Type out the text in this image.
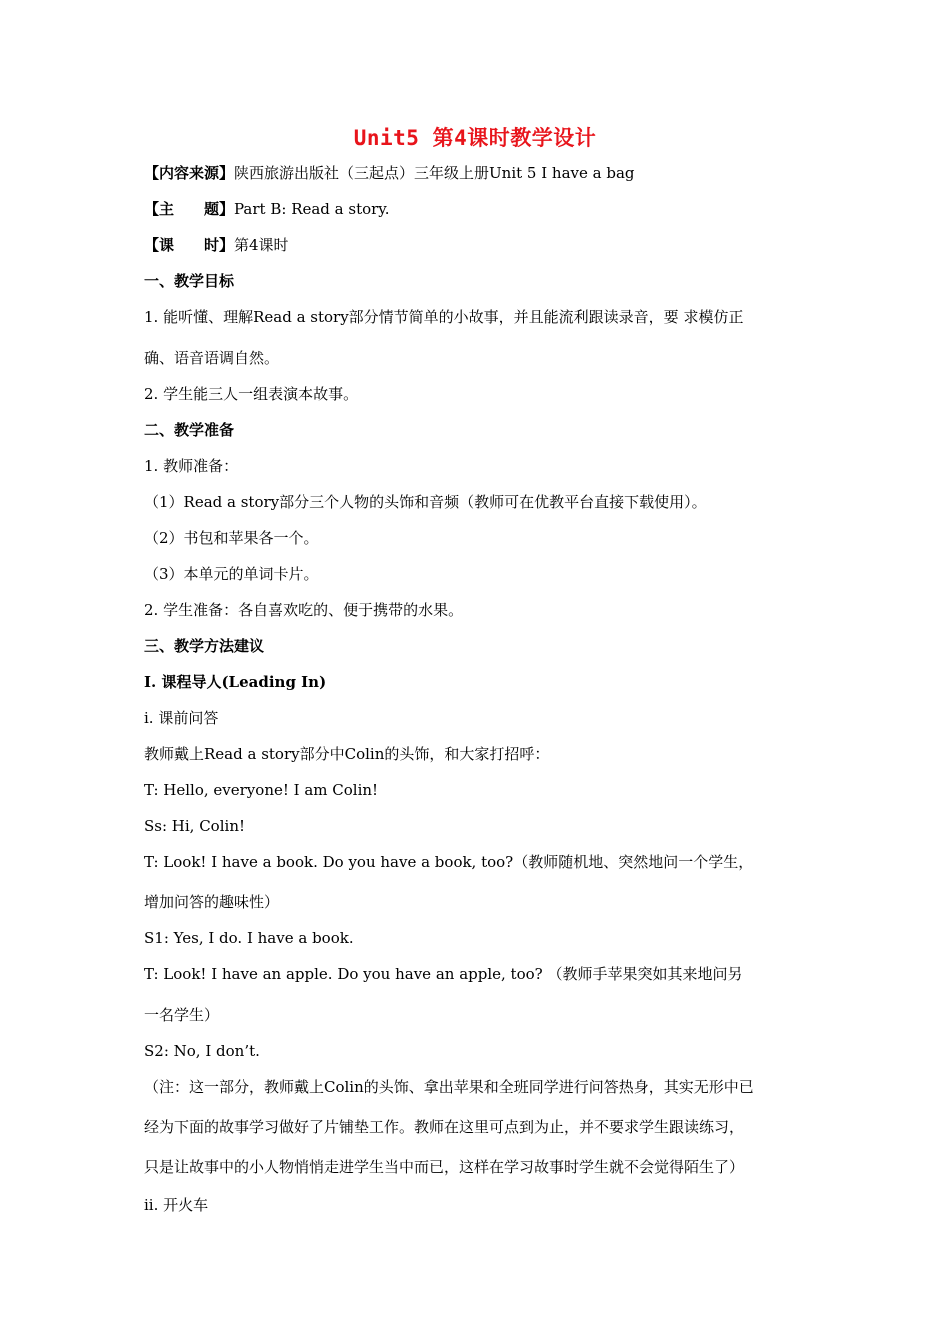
Unit5 第4课时教学设计
【内容来源】陕西旅游出版社（三起点）三年级上册Unit 5 I have a bag
【主　　题】Part B: Read a story.
【课　　时】第4课时
一、教学目标
1. 能听懂、理解Read a story部分情节简单的小故事，并且能流利跟读录音，要 求模仿正
确、语音语调自然。
2. 学生能三人一组表演本故事。
二、教学准备
1. 教师准备：
（1）Read a story部分三个人物的头饰和音频（教师可在优教平台直接下载使用）。
（2）书包和苹果各一个。
（3）本单元的单词卡片。
2. 学生准备：各自喜欢吃的、便于携带的水果。
三、教学方法建议
I. 课程导人(Leading In)
i. 课前问答
教师戴上Read a story部分中Colin的头饰，和大家打招呼：
T: Hello, everyone! I am Colin!
Ss: Hi, Colin!
T: Look! I have a book. Do you have a book, too?（教师随机地、突然地问一个学生，
增加问答的趣味性）
S1: Yes, I do. I have a book.
T: Look! I have an apple. Do you have an apple, too? （教师手苹果突如其来地问另
一名学生）
S2: No, I don’t.
（注：这一部分，教师戴上Colin的头饰、拿出苹果和全班同学进行问答热身，其实无形中已
经为下面的故事学习做好了片铺垫工作。教师在这里可点到为止，并不要求学生跟读练习，
只是让故事中的小人物悄悄走进学生当中而已，这样在学习故事时学生就不会觉得陌生了）
ii. 开火车
